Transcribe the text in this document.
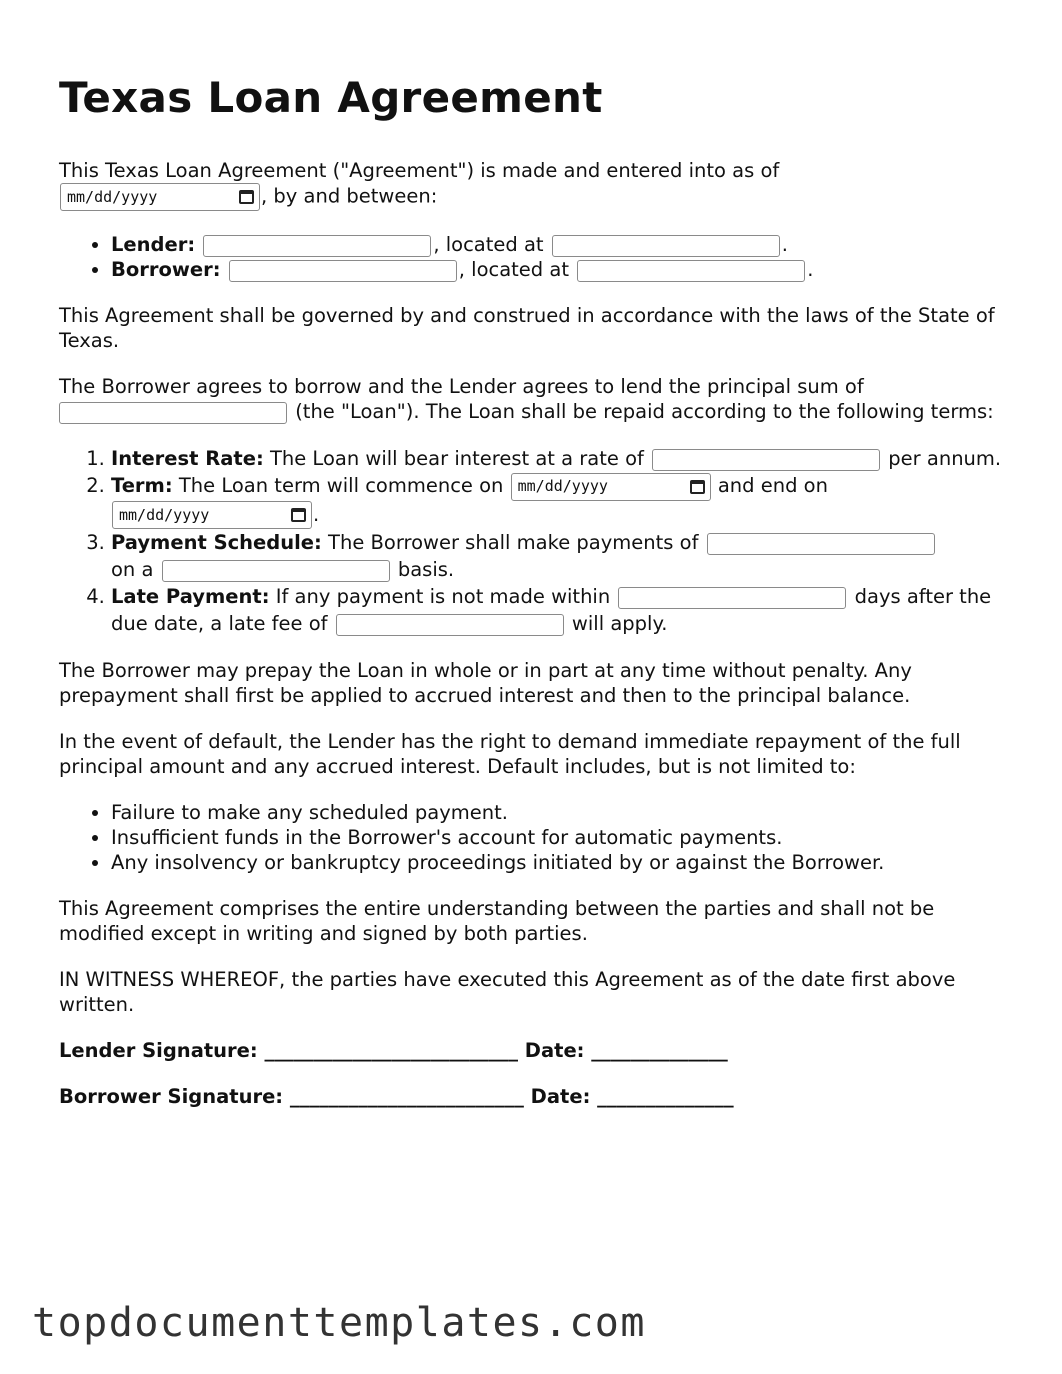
Texas Loan Agreement

This Texas Loan Agreement ("Agreement") is made and entered into as of

mm/dd/yyyy	, by and between:

• Lender:	, located at	.
• Borrower:	, located at	.

This Agreement shall be governed by and construed in accordance with the laws of the State of Texas.

The Borrower agrees to borrow and the Lender agrees to lend the principal sum of
(the "Loan"). The Loan shall be repaid according to the following terms:

1. Interest Rate: The Loan will bear interest at a rate of	per annum.
2. Term: The Loan term will commence on mm/dd/yyyy	and end on

mm/dd/yyyy	.
3. Payment Schedule: The Borrower shall make payments of
on a	basis.
4. Late Payment: If any payment is not made within	days after the due date, a late fee of	will apply.

The Borrower may prepay the Loan in whole or in part at any time without penalty. Any prepayment shall first be applied to accrued interest and then to the principal balance.

In the event of default, the Lender has the right to demand immediate repayment of the full principal amount and any accrued interest. Default includes, but is not limited to:

• Failure to make any scheduled payment.
• Insufficient funds in the Borrower's account for automatic payments.
• Any insolvency or bankruptcy proceedings initiated by or against the Borrower.

This Agreement comprises the entire understanding between the parties and shall not be modified except in writing and signed by both parties.

IN WITNESS WHEREOF, the parties have executed this Agreement as of the date first above written.

Lender Signature: __________________________ Date: ______________
Borrower Signature: ________________________ Date: ______________
topdocumenttemplates.com
